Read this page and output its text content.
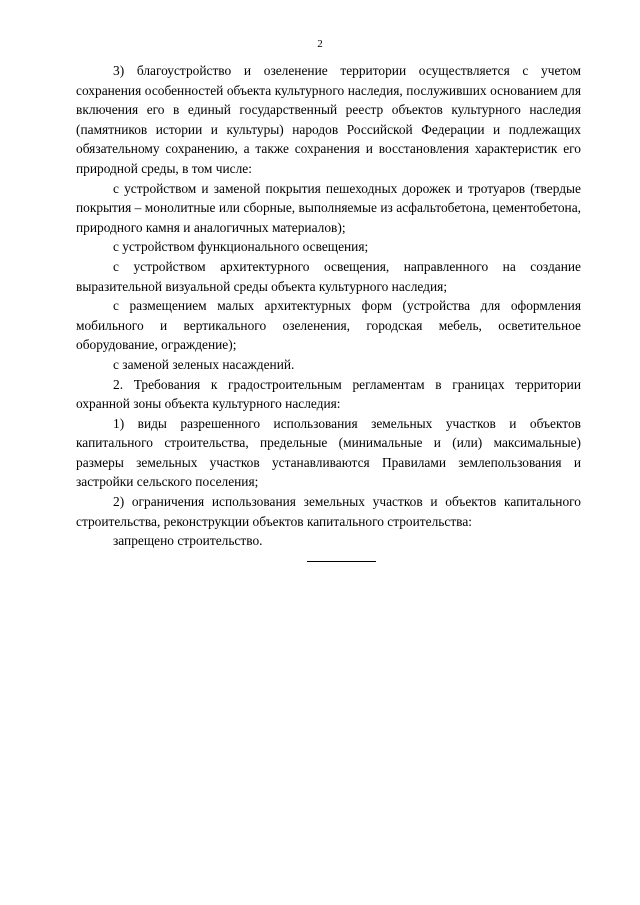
2

3) благоустройство и озеленение территории осуществляется с учетом сохранения особенностей объекта культурного наследия, послуживших основанием для включения его в единый государственный реестр объектов культурного наследия (памятников истории и культуры) народов Российской Федерации и подлежащих обязательному сохранению, а также сохранения и восстановления характеристик его природной среды, в том числе:

с устройством и заменой покрытия пешеходных дорожек и тротуаров (твердые покрытия – монолитные или сборные, выполняемые из асфальтобетона, цементобетона, природного камня и аналогичных материалов);

с устройством функционального освещения;

с устройством архитектурного освещения, направленного на создание выразительной визуальной среды объекта культурного наследия;

с размещением малых архитектурных форм (устройства для оформления мобильного и вертикального озеленения, городская мебель, осветительное оборудование, ограждение);

с заменой зеленых насаждений.

2. Требования к градостроительным регламентам в границах территории охранной зоны объекта культурного наследия:

1) виды разрешенного использования земельных участков и объектов капитального строительства, предельные (минимальные и (или) максимальные) размеры земельных участков устанавливаются Правилами землепользования и застройки сельского поселения;

2) ограничения использования земельных участков и объектов капитального строительства, реконструкции объектов капитального строительства:

запрещено строительство.
